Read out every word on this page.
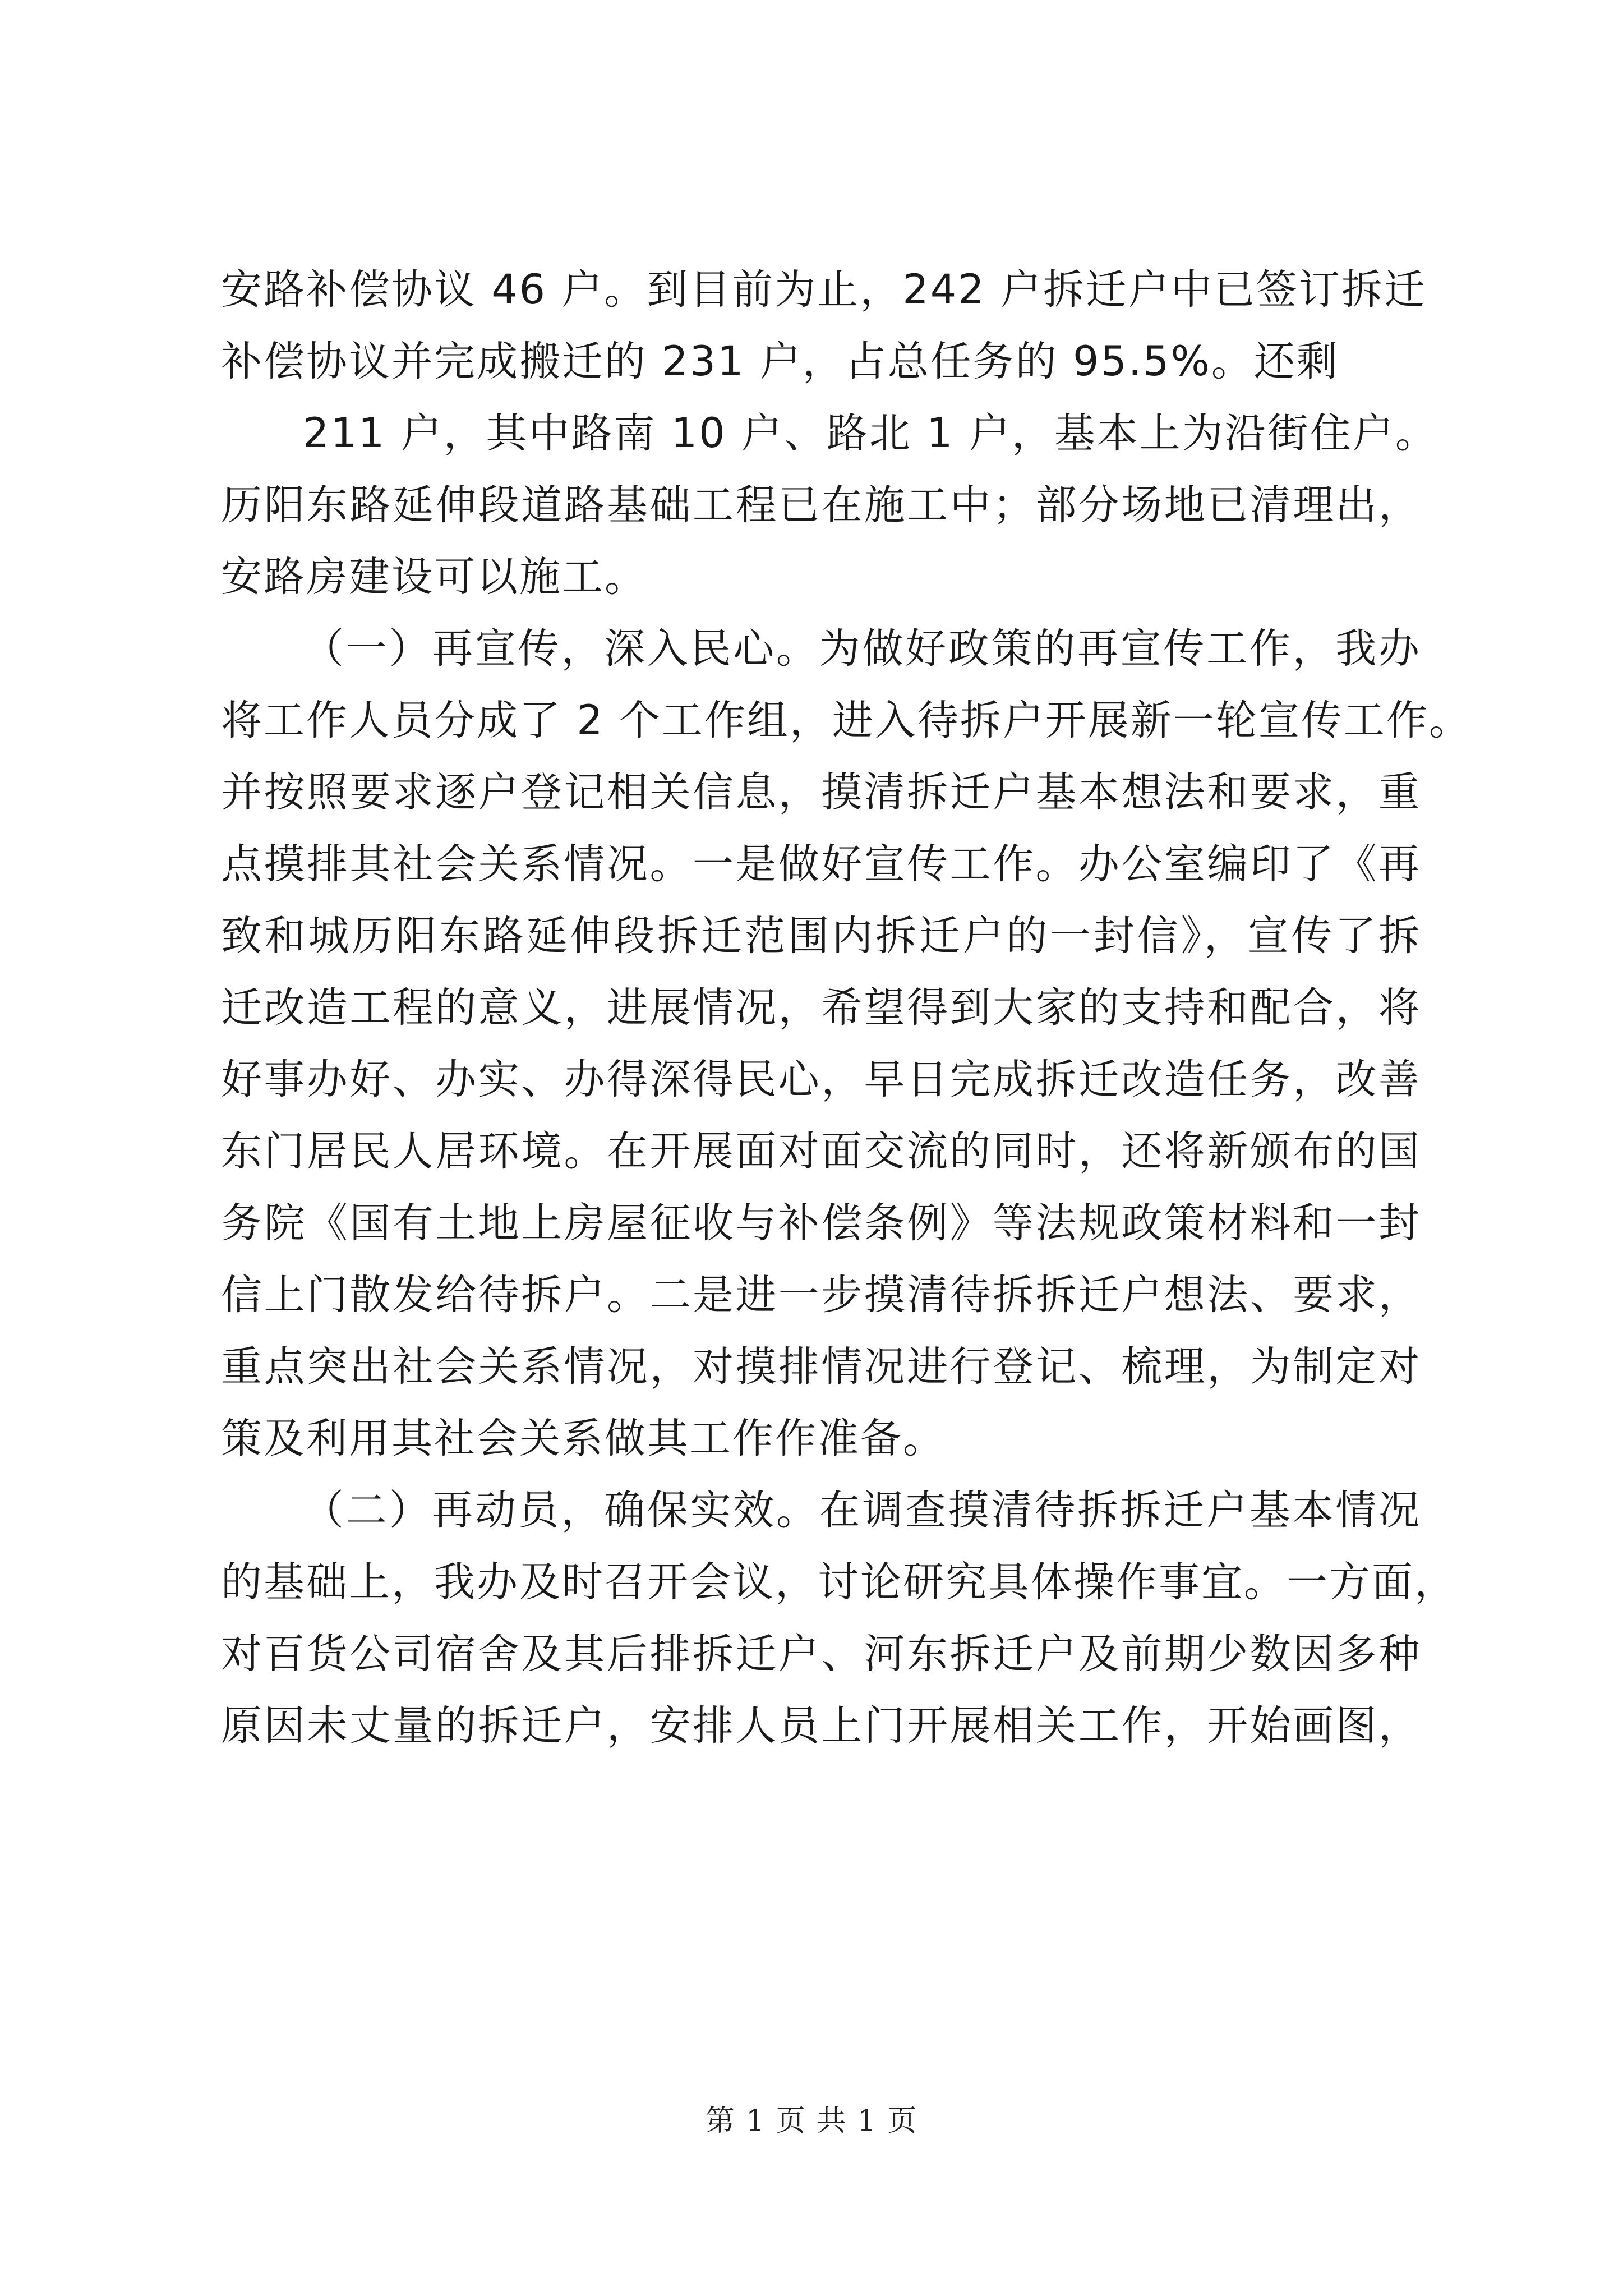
安路补偿协议 46 户。到目前为止，242 户拆迁户中已签订拆迁
补偿协议并完成搬迁的 231 户，占总任务的 95.5%。还剩
211 户，其中路南 10 户、路北 1 户，基本上为沿街住户。
历阳东路延伸段道路基础工程已在施工中；部分场地已清理出，
安路房建设可以施工。
（一）再宣传，深入民心。为做好政策的再宣传工作，我办
将工作人员分成了 2 个工作组，进入待拆户开展新一轮宣传工作。
并按照要求逐户登记相关信息，摸清拆迁户基本想法和要求，重
点摸排其社会关系情况。一是做好宣传工作。办公室编印了《再
致和城历阳东路延伸段拆迁范围内拆迁户的一封信》，宣传了拆
迁改造工程的意义，进展情况，希望得到大家的支持和配合，将
好事办好、办实、办得深得民心，早日完成拆迁改造任务，改善
东门居民人居环境。在开展面对面交流的同时，还将新颁布的国
务院《国有土地上房屋征收与补偿条例》等法规政策材料和一封
信上门散发给待拆户。二是进一步摸清待拆拆迁户想法、要求，
重点突出社会关系情况，对摸排情况进行登记、梳理，为制定对
策及利用其社会关系做其工作作准备。
（二）再动员，确保实效。在调查摸清待拆拆迁户基本情况
的基础上，我办及时召开会议，讨论研究具体操作事宜。一方面，
对百货公司宿舍及其后排拆迁户、河东拆迁户及前期少数因多种
原因未丈量的拆迁户，安排人员上门开展相关工作，开始画图，
第 1 页 共 1 页
